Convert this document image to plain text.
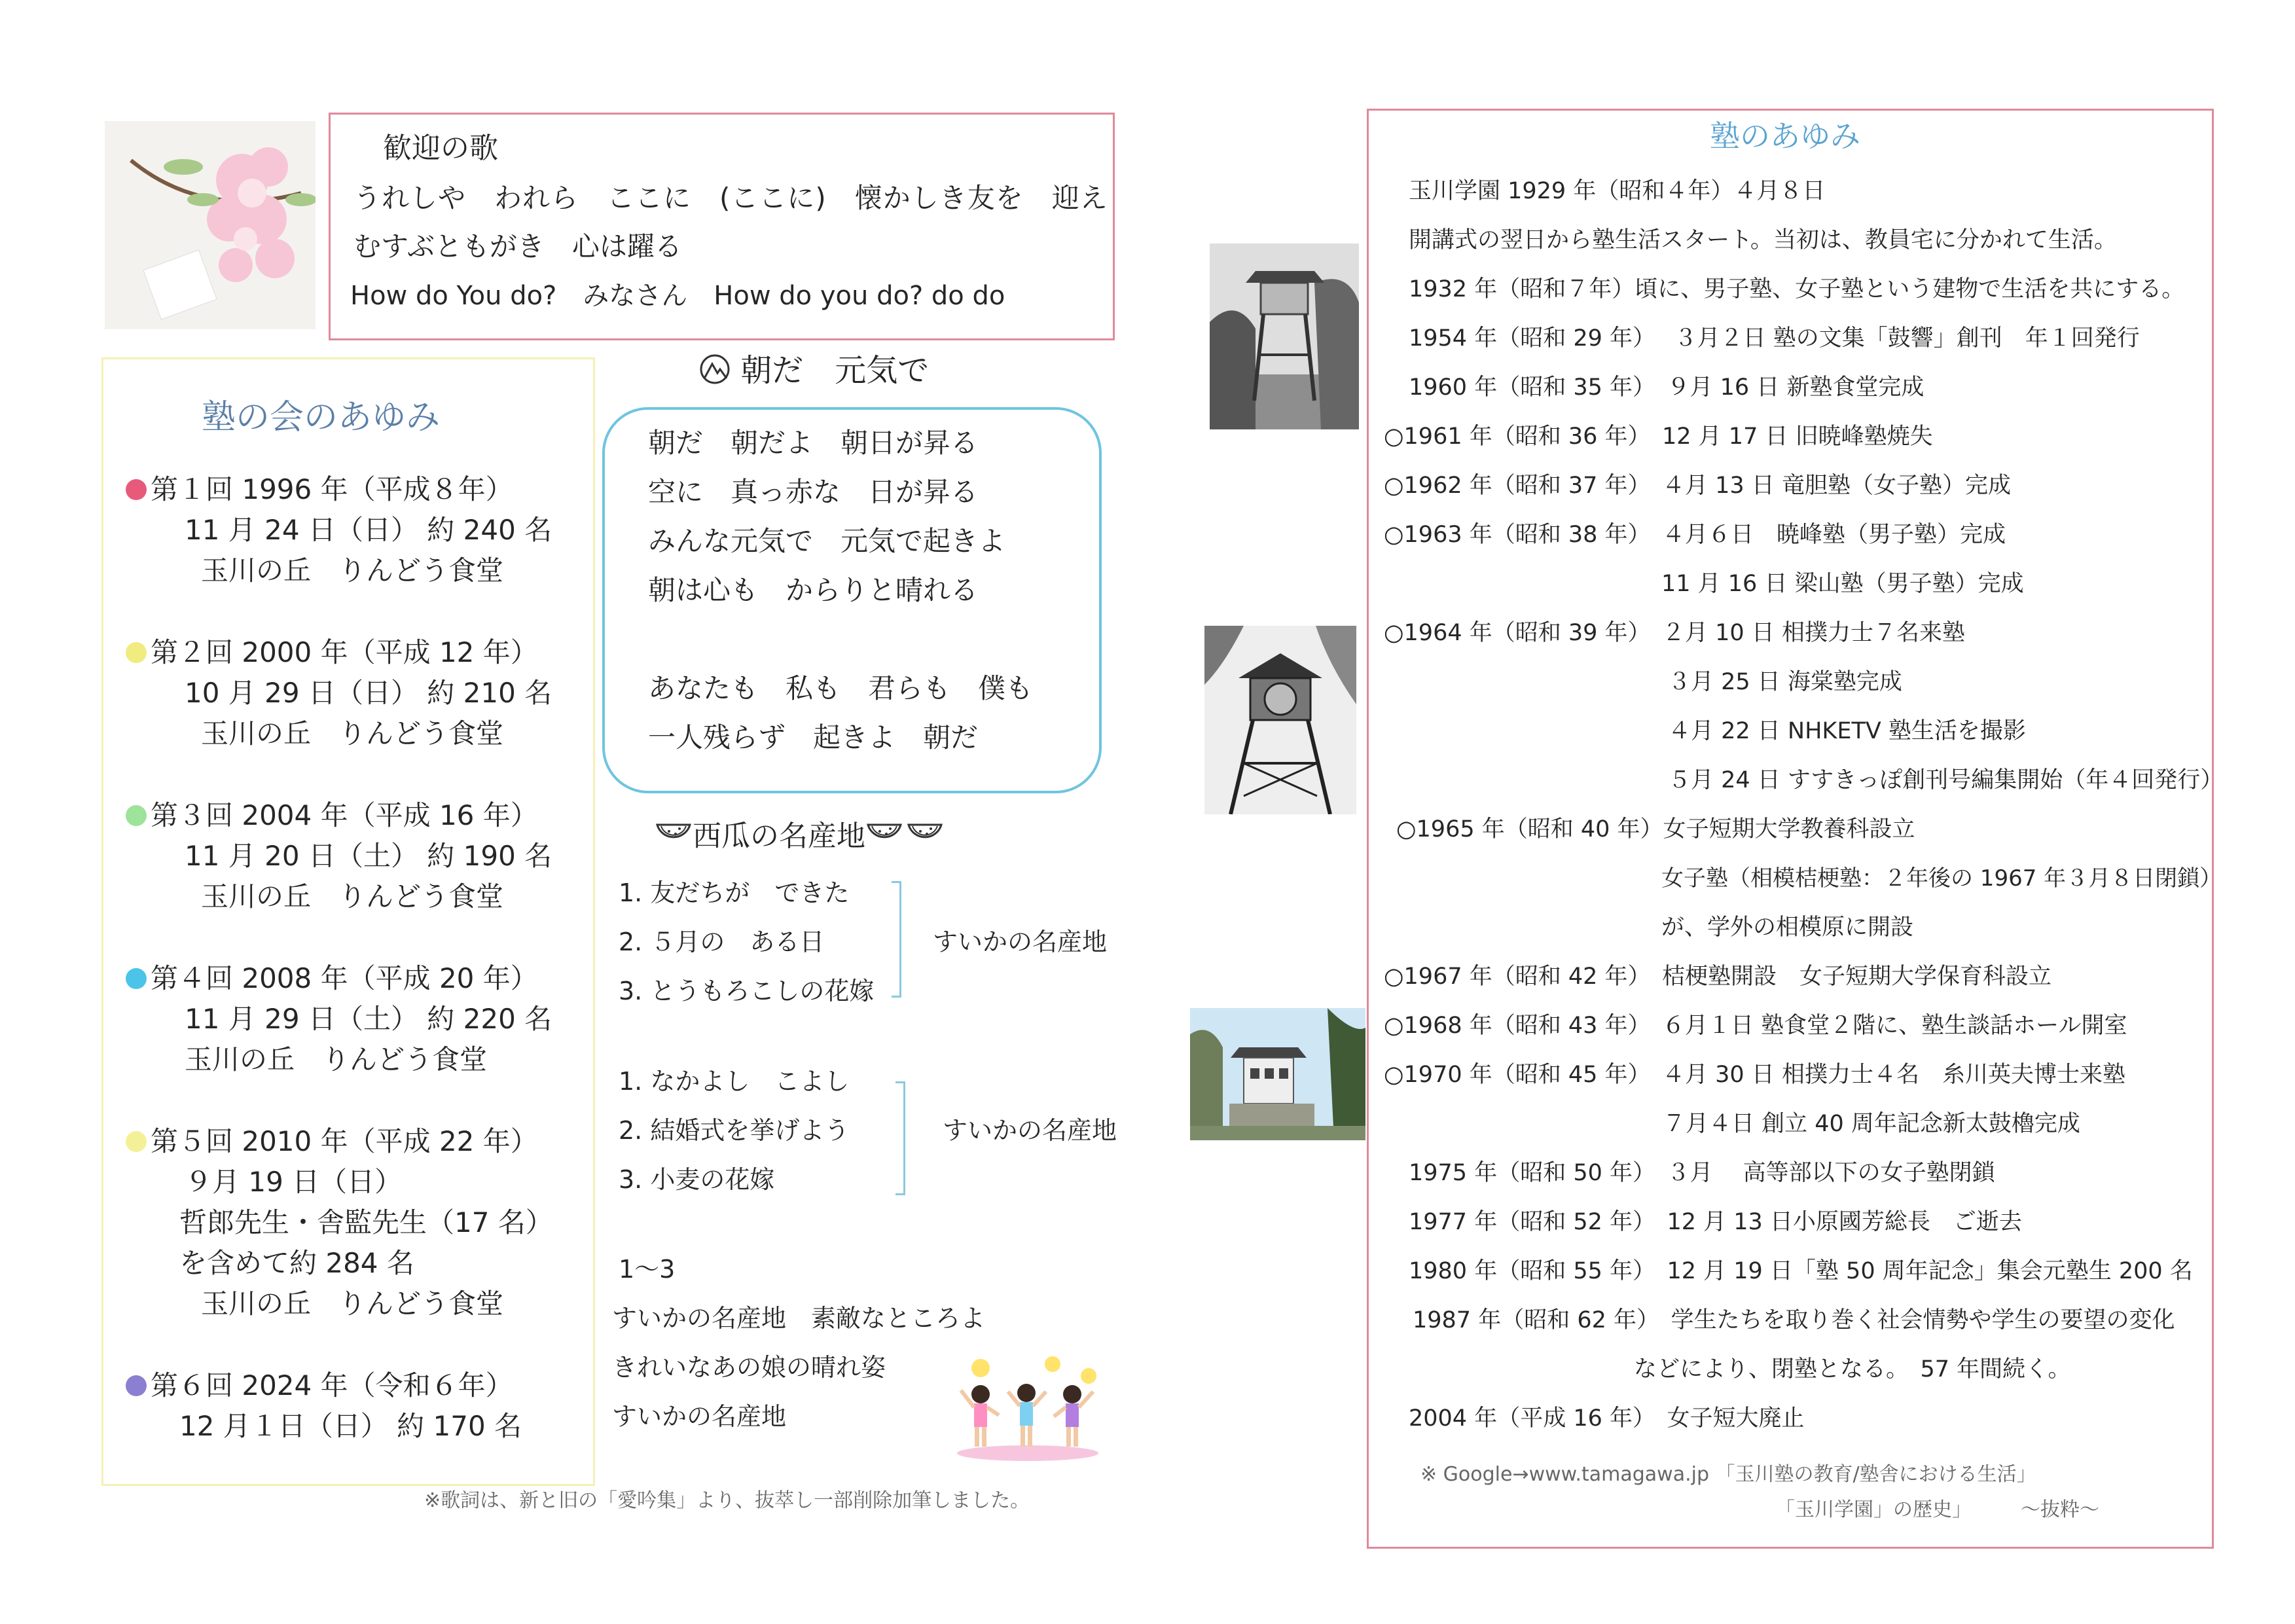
歓迎の歌
うれしや　われら　ここに　(ここに)　懐かしき友を　迎え
むすぶともがき　心は躍る
How do You do?　みなさん　How do you do? do do
塾の会のあゆみ
第１回 1996 年（平成８年）
11 月 24 日（日） 約 240 名
玉川の丘　りんどう食堂
第２回 2000 年（平成 12 年）
10 月 29 日（日） 約 210 名
玉川の丘　りんどう食堂
第３回 2004 年（平成 16 年）
11 月 20 日（土） 約 190 名
玉川の丘　りんどう食堂
第４回 2008 年（平成 20 年）
11 月 29 日（土） 約 220 名
玉川の丘　りんどう食堂
第５回 2010 年（平成 22 年）
９月 19 日（日）
哲郎先生・舎監先生（17 名）
を含めて約 284 名
玉川の丘　りんどう食堂
第６回 2024 年（令和６年）
12 月１日（日） 約 170 名
朝だ　元気で
朝だ　朝だよ　朝日が昇る
空に　真っ赤な　日が昇る
みんな元気で　元気で起きよ
朝は心も　からりと晴れる
あなたも　私も　君らも　僕も
一人残らず　起きよ　朝だ
西瓜の名産地
1. 友だちが　できた
2. ５月の　ある日
3. とうもろこしの花嫁
すいかの名産地
1. なかよし　こよし
2. 結婚式を挙げよう
3. 小麦の花嫁
すいかの名産地
1～3
すいかの名産地　素敵なところよ
きれいなあの娘の晴れ姿
すいかの名産地
※歌詞は、新と旧の「愛吟集」より、抜萃し一部削除加筆しました。
塾のあゆみ
玉川学園 1929 年（昭和４年）４月８日
開講式の翌日から塾生活スタート。当初は、教員宅に分かれて生活。
1932 年（昭和７年）頃に、男子塾、女子塾という建物で生活を共にする。
1954 年（昭和 29 年）　 ３月２日 塾の文集「鼓響」創刊　年１回発行
1960 年（昭和 35 年）　９月 16 日 新塾食堂完成
○1961 年（昭和 36 年）　12 月 17 日 旧暁峰塾焼失
○1962 年（昭和 37 年）　４月 13 日 竜胆塾（女子塾）完成
○1963 年（昭和 38 年）　４月６日　暁峰塾（男子塾）完成
11 月 16 日 梁山塾（男子塾）完成
○1964 年（昭和 39 年）　２月 10 日 相撲力士７名来塾
３月 25 日 海棠塾完成
４月 22 日 NHKETV 塾生活を撮影
５月 24 日 すすきっぽ創刊号編集開始（年４回発行）
○1965 年（昭和 40 年）女子短期大学教養科設立
女子塾（相模桔梗塾：２年後の 1967 年３月８日閉鎖）
が、学外の相模原に開設
○1967 年（昭和 42 年）　桔梗塾開設　女子短期大学保育科設立
○1968 年（昭和 43 年）　６月１日 塾食堂２階に、塾生談話ホール開室
○1970 年（昭和 45 年）　４月 30 日 相撲力士４名　糸川英夫博士来塾
７月４日 創立 40 周年記念新太鼓櫓完成
1975 年（昭和 50 年）　３月　 高等部以下の女子塾閉鎖
1977 年（昭和 52 年）　12 月 13 日小原國芳総長　ご逝去
1980 年（昭和 55 年）　12 月 19 日「塾 50 周年記念」集会元塾生 200 名
1987 年（昭和 62 年）　学生たちを取り巻く社会情勢や学生の要望の変化
などにより、閉塾となる。　57 年間続く。
2004 年（平成 16 年）　女子短大廃止
※ Google→www.tamagawa.jp 「玉川塾の教育/塾舎における生活」
「玉川学園」の歴史」　　　～抜粋～
